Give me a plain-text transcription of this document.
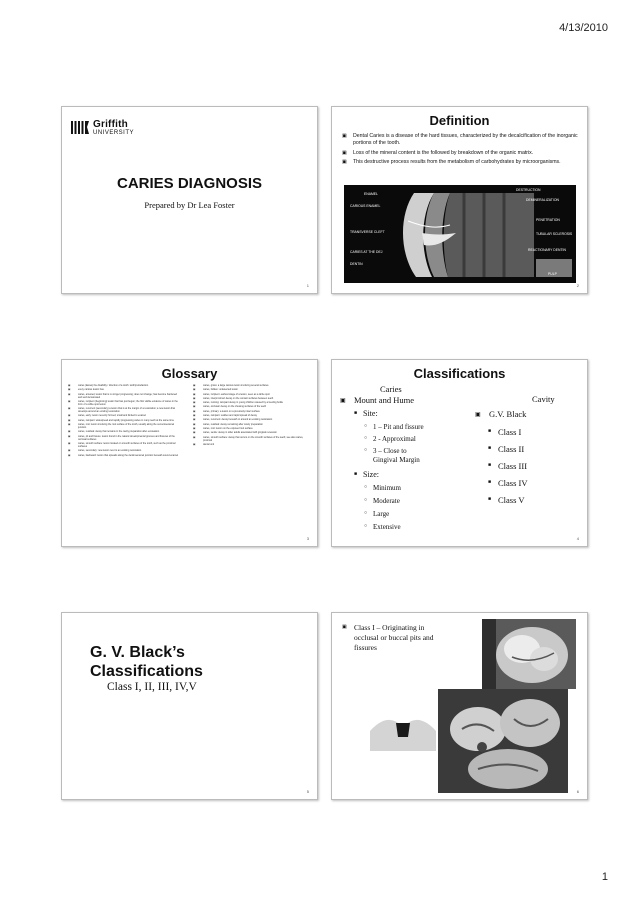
4/13/2010
Griffith
UNIVERSITY
CARIES DIAGNOSIS
Prepared by Dr Lea Foster
1
Definition
▣ Dental Caries is a disease of the hard tissues, characterized by the decalcification of the inorganic portions of the tooth.
▣ Loss of the mineral content is the followed by breakdown of the organic matrix.
▣ This destructive process results from the metabolism of carbohydrates by microorganisms.
ENAMEL
CARIOUS ENAMEL
TRANSVERSE CLEFT
CARIES AT THE DEJ
DENTIN
DESTRUCTION
DEMINERALIZATION
PENETRATION
TUBULAR SCLEROSIS
REACTIONARY DENTIN
PULP
2
Glossary
▣	caries (karies) the disability / infection of a tooth: tooth/putrefaction
▣	every carious lesion has.
▣	caries, arrested, lesion that is no longer progressing; does not change; has become hardened and well demarcated
▣	caries, incipient (beginning) lesion that has just begun; the first visible evidence of caries in the form of a white spot lesion
▣	caries, recurrent (secondary) a lesion that is at the margin of a restoration; a new lesion that develops around an existing restoration
▣	caries, early: lesion recently formed; small and limited to enamel
▣	caries, rampant: widespread and rapidly progressing caries in many teeth at the same time
▣	caries, root: lesion involving the root surface of the tooth, usually along the cementoenamel junction
▣	caries, residual: decay that remains in the cavity preparation after excavation
▣	caries, pit and fissure: lesion found in the natural developmental grooves and fissures of the occlusal surfaces
▣	caries, smooth surface: lesion located on smooth surfaces of the tooth, such as the proximal surfaces
▣	caries, secondary: new lesion next to an existing restoration
▣	caries, backward: lesion that spreads along the dentinoenamel junction beneath sound enamel
▣	caries, gross: a large carious lesion involving several surfaces
▣	caries, hidden: undetected lesion
▣	caries, incipient: earliest stage of a lesion, seen as a white spot
▣	caries, interproximal: decay on the contact surfaces between teeth
▣	caries, nursing: rampant decay in young children caused by a feeding bottle
▣	caries, occlusal: decay on the chewing surfaces of the teeth
▣	caries, primary: a lesion on a previously intact surface
▣	caries, rampant: sudden and rapid spread of decay
▣	caries, recurrent: decay beneath or around an existing restoration
▣	caries, residual: decay remaining after cavity preparation
▣	caries, root: lesion on the exposed root surface
▣	caries, senile: decay in older adults associated with gingival recession
▣	caries, smooth surface: decay that occurs on the smooth surfaces of the teeth; see also caries, proximal
▣	dental unit
3
Classifications
Caries
Cavity
▣ Mount and Hume
■ Site:
○ 1 – Pit and fissure
○ 2 - Approximal
○ 3 – Close to
Gingival Margin
■ Size:
○ Minimum
○ Moderate
○ Large
○ Extensive
▣ G.V. Black
■ Class I
■ Class II
■ Class III
■ Class IV
■ Class V
4
G. V. Black’s
Classifications
Class I, II, III, IV,V
5
▣ Class I – Originating in occlusal or buccal pits and fissures
6
1
